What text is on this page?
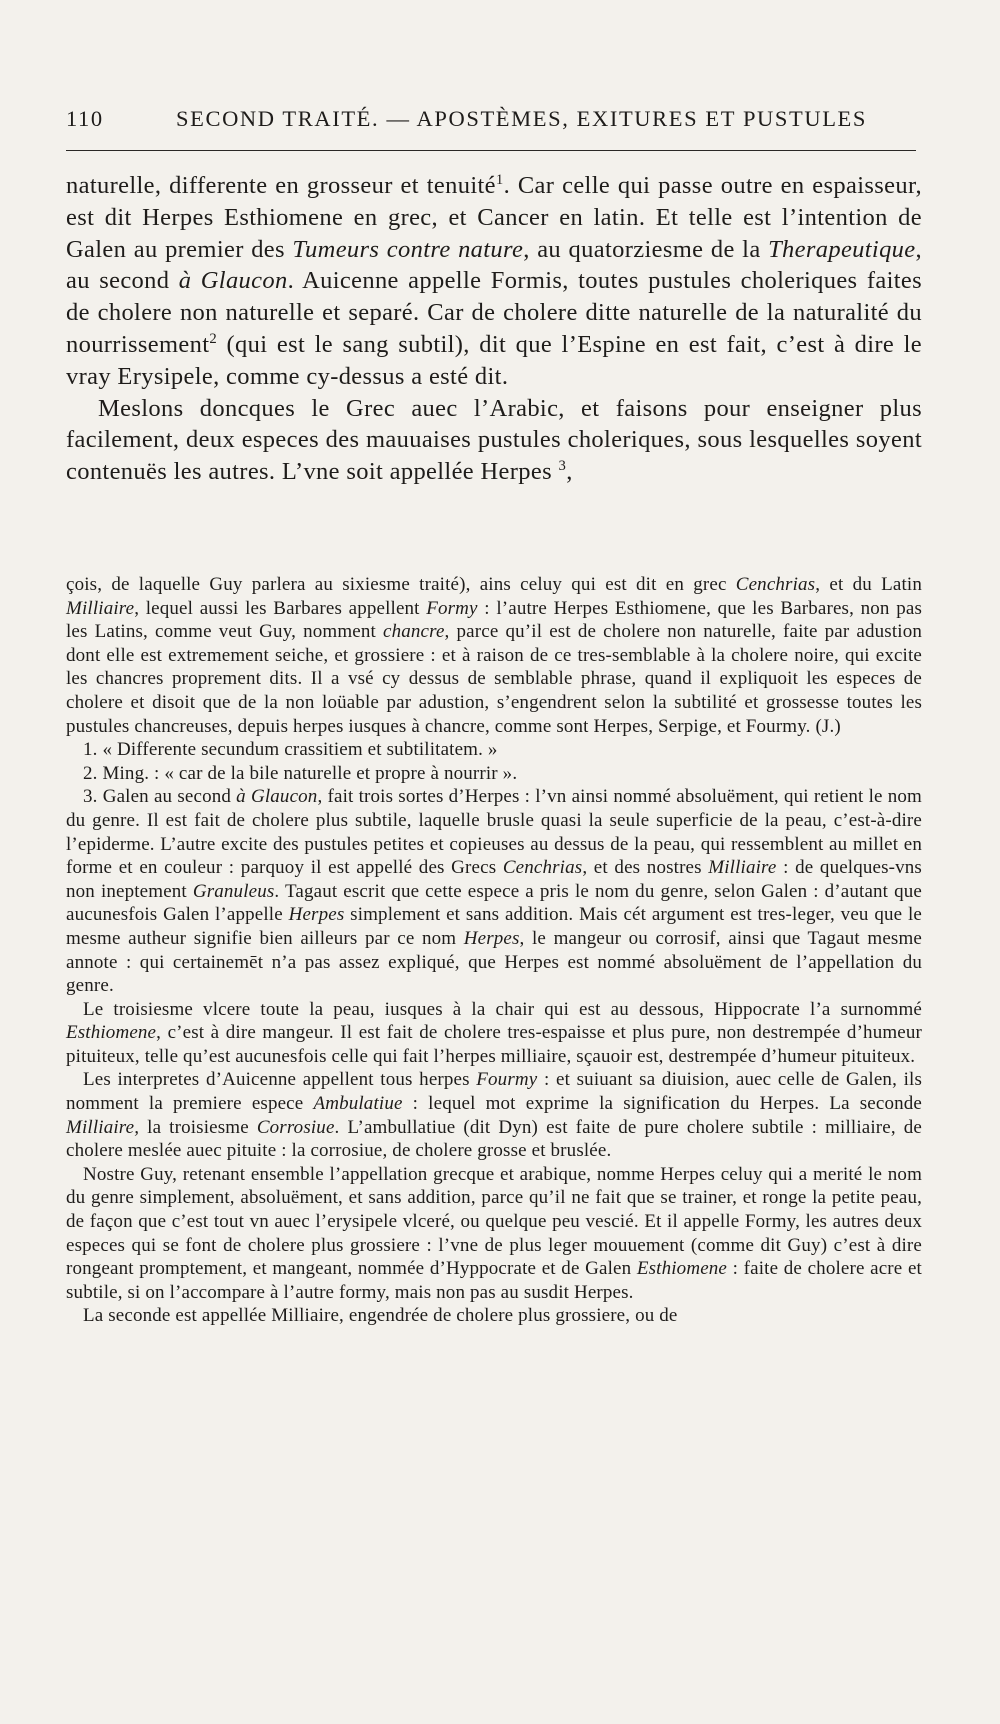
110	SECOND TRAITÉ. — APOSTÈMES, EXITURES ET PUSTULES

naturelle, differente en grosseur et tenuité$^1$. Car celle qui passe outre en espaisseur, est dit Herpes Esthiomene en grec, et Cancer en latin. Et telle est l’intention de Galen au premier des Tumeurs contre nature, au quatorziesme de la Therapeutique, au second à Glaucon. Auicenne appelle Formis, toutes pustules choleriques faites de cholere non naturelle et separé. Car de cholere ditte naturelle de la naturalité du nourrissement$^2$ (qui est le sang subtil), dit que l’Espine en est fait, c’est à dire le vray Erysipele, comme cy-dessus a esté dit.

Meslons doncques le Grec auec l’Arabic, et faisons pour enseigner plus facilement, deux especes des mauuaises pustules choleriques, sous lesquelles soyent contenuës les autres. L’vne soit appellée Herpes $^3$,

çois, de laquelle Guy parlera au sixiesme traité), ains celuy qui est dit en grec Cenchrias, et du Latin Milliaire, lequel aussi les Barbares appellent Formy : l’autre Herpes Esthiomene, que les Barbares, non pas les Latins, comme veut Guy, nomment chancre, parce qu’il est de cholere non naturelle, faite par adustion dont elle est extremement seiche, et grossiere : et à raison de ce tres-semblable à la cholere noire, qui excite les chancres proprement dits. Il a vsé cy dessus de semblable phrase, quand il expliquoit les especes de cholere et disoit que de la non loüable par adustion, s’engendrent selon la subtilité et grossesse toutes les pustules chancreuses, depuis herpes iusques à chancre, comme sont Herpes, Serpige, et Fourmy. (J.)

1. « Differente secundum crassitiem et subtilitatem. »

2. Ming. : « car de la bile naturelle et propre à nourrir ».

3. Galen au second à Glaucon, fait trois sortes d’Herpes : l’vn ainsi nommé absoluëment, qui retient le nom du genre. Il est fait de cholere plus subtile, laquelle brusle quasi la seule superficie de la peau, c’est-à-dire l’epiderme. L’autre excite des pustules petites et copieuses au dessus de la peau, qui ressemblent au millet en forme et en couleur : parquoy il est appellé des Grecs Cenchrias, et des nostres Milliaire : de quelques-vns non ineptement Granuleus. Tagaut escrit que cette espece a pris le nom du genre, selon Galen : d’autant que aucunesfois Galen l’appelle Herpes simplement et sans addition. Mais cét argument est tres-leger, veu que le mesme autheur signifie bien ailleurs par ce nom Herpes, le mangeur ou corrosif, ainsi que Tagaut mesme annote : qui certainemēt n’a pas assez expliqué, que Herpes est nommé absoluëment de l’appellation du genre.

Le troisiesme vlcere toute la peau, iusques à la chair qui est au dessous, Hippocrate l’a surnommé Esthiomene, c’est à dire mangeur. Il est fait de cholere tres-espaisse et plus pure, non destrempée d’humeur pituiteux, telle qu’est aucunesfois celle qui fait l’herpes milliaire, sçauoir est, destrempée d’humeur pituiteux.

Les interpretes d’Auicenne appellent tous herpes Fourmy : et suiuant sa diuision, auec celle de Galen, ils nomment la premiere espece Ambulatiue : lequel mot exprime la signification du Herpes. La seconde Milliaire, la troisiesme Corrosiue. L’ambullatiue (dit Dyn) est faite de pure cholere subtile : milliaire, de cholere meslée auec pituite : la corrosiue, de cholere grosse et bruslée.

Nostre Guy, retenant ensemble l’appellation grecque et arabique, nomme Herpes celuy qui a merité le nom du genre simplement, absoluëment, et sans addition, parce qu’il ne fait que se trainer, et ronge la petite peau, de façon que c’est tout vn auec l’erysipele vlceré, ou quelque peu vescié. Et il appelle Formy, les autres deux especes qui se font de cholere plus grossiere : l’vne de plus leger mouuement (comme dit Guy) c’est à dire rongeant promptement, et mangeant, nommée d’Hyppocrate et de Galen Esthiomene : faite de cholere acre et subtile, si on l’accompare à l’autre formy, mais non pas au susdit Herpes.

La seconde est appellée Milliaire, engendrée de cholere plus grossiere, ou de
